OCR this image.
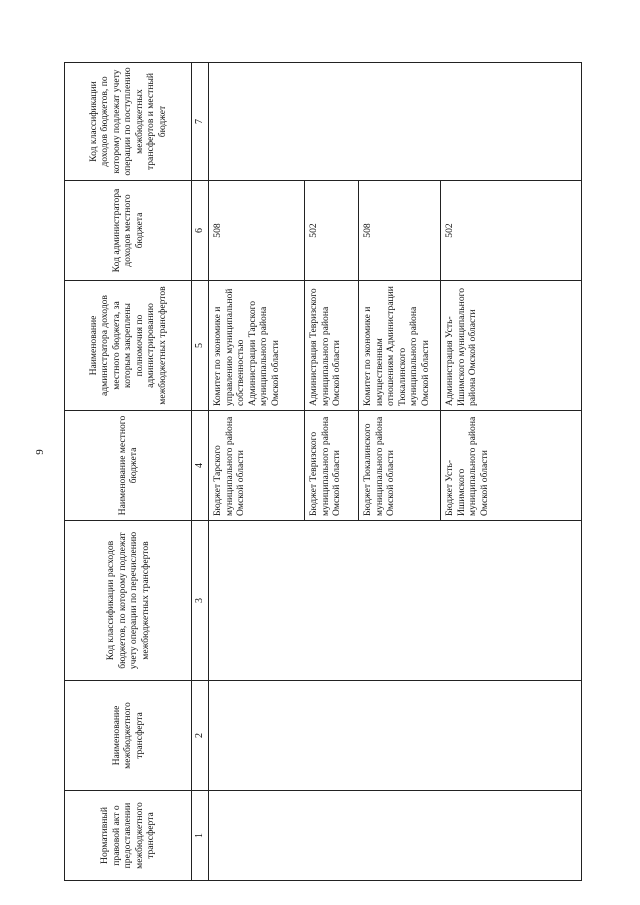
9
Нормативный правовой акт о предоставлении межбюджетного трансферта	Наименование межбюджетного трансферта	Код классификации расходов бюджетов, по которому подлежат учету операции по перечислению межбюджетных трансфертов	Наименование местного бюджета	Наименование администратора доходов местного бюджета, за которым закреплены полномочия по администрированию межбюджетных трансфертов	Код администратора доходов местного бюджета	Код классификации доходов бюджетов, по которому подлежат учету операции по поступлению межбюджетных трансфертов и местный бюджет
1	2	3	4	5	6	7
			Бюджет Тарского муниципального района Омской области	Комитет по экономике и управлению муниципальной собственностью Администрации Тарского муниципального района Омской области	508	
			Бюджет Тевризского муниципального района Омской области	Администрация Тевризского муниципального района Омской области	502	
			Бюджет Тюкалинского муниципального района Омской области	Комитет по экономике и имущественным отношениям Администрации Тюкалинского муниципального района Омской области	508	
			Бюджет Усть-Ишимского муниципального района Омской области	Администрация Усть-Ишимского муниципального района Омской области	502	
